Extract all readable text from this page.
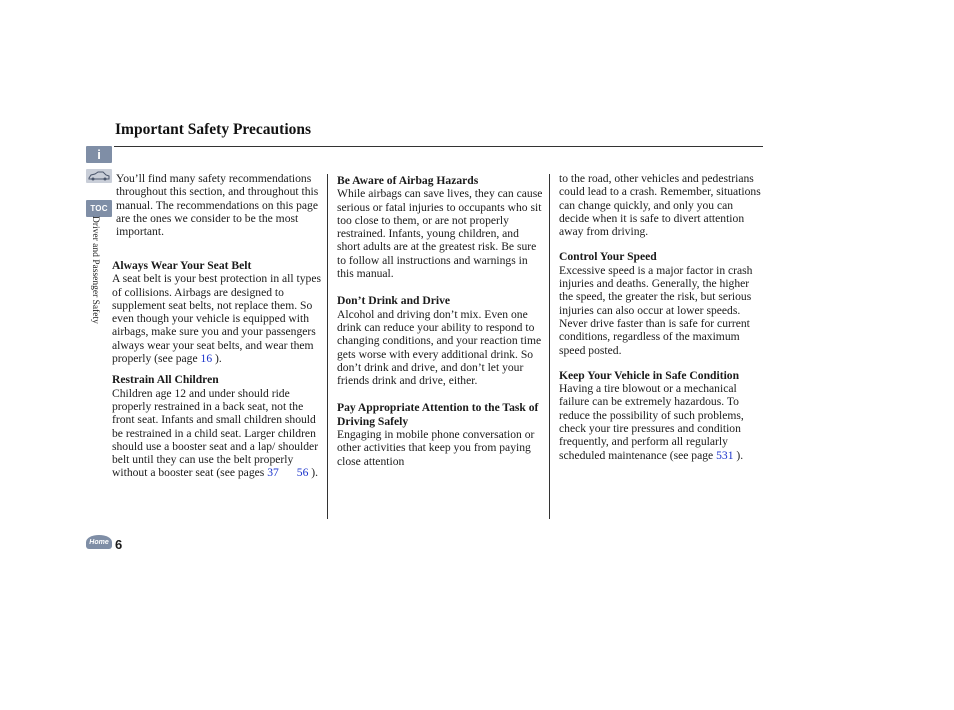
Important Safety Precautions
i
TOC
Driver and Passenger Safety

You’ll find many safety recommendations throughout this section, and throughout this manual. The recommendations on this page are the ones we consider to be the most important.

Always Wear Your Seat Belt

A seat belt is your best protection in all types of collisions. Airbags are designed to supplement seat belts, not replace them. So even though your vehicle is equipped with airbags, make sure you and your passengers always wear your seat belts, and wear them properly (see page 16 ).

Restrain All Children

Children age 12 and under should ride properly restrained in a back seat, not the front seat. Infants and small children should be restrained in a child seat. Larger children should use a booster seat and a lap/ shoulder belt until they can use the belt properly without a booster seat (see pages 37 56 ).

Be Aware of Airbag Hazards

While airbags can save lives, they can cause serious or fatal injuries to occupants who sit too close to them, or are not properly restrained. Infants, young children, and short adults are at the greatest risk. Be sure to follow all instructions and warnings in this manual.

Don’t Drink and Drive

Alcohol and driving don’t mix. Even one drink can reduce your ability to respond to changing conditions, and your reaction time gets worse with every additional drink. So don’t drink and drive, and don’t let your friends drink and drive, either.

Pay Appropriate Attention to the Task of Driving Safely

Engaging in mobile phone conversation or other activities that keep you from paying close attention

to the road, other vehicles and pedestrians could lead to a crash. Remember, situations can change quickly, and only you can decide when it is safe to divert attention away from driving.

Control Your Speed

Excessive speed is a major factor in crash injuries and deaths. Generally, the higher the speed, the greater the risk, but serious injuries can also occur at lower speeds. Never drive faster than is safe for current conditions, regardless of the maximum speed posted.

Keep Your Vehicle in Safe Condition

Having a tire blowout or a mechanical failure can be extremely hazardous. To reduce the possibility of such problems, check your tire pressures and condition frequently, and perform all regularly scheduled maintenance (see page 531 ).

Home 6
